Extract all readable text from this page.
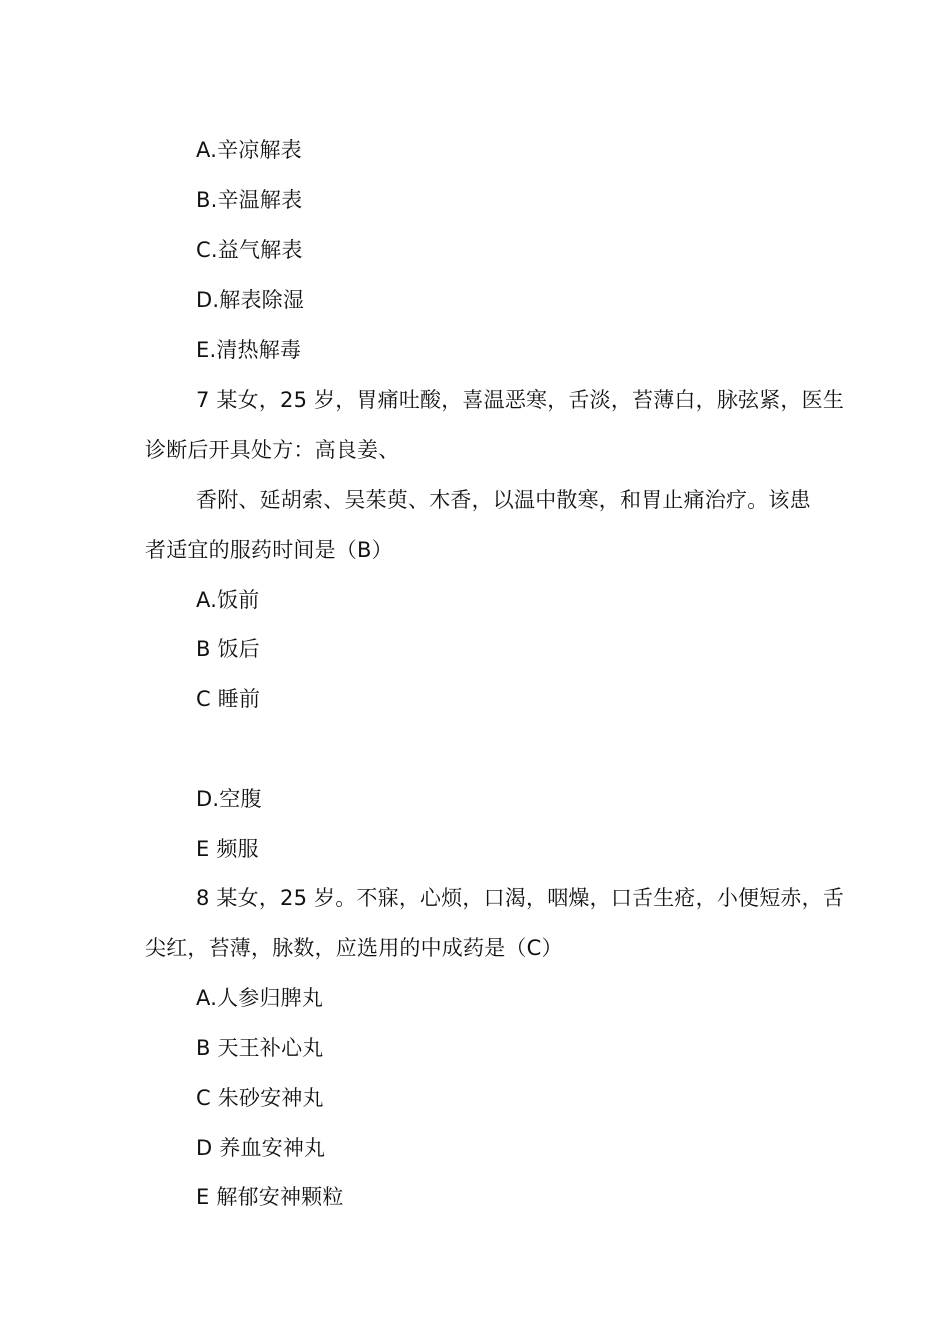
A.辛凉解表
B.辛温解表
C.益气解表
D.解表除湿
E.清热解毒
7 某女，25 岁，胃痛吐酸，喜温恶寒，舌淡，苔薄白，脉弦紧，医生
诊断后开具处方：高良姜、
香附、延胡索、吴茱萸、木香，以温中散寒，和胃止痛治疗。该患
者适宜的服药时间是（B）
A.饭前
B 饭后
C 睡前
D.空腹
E 频服
8 某女，25 岁。不寐，心烦，口渴，咽燥，口舌生疮，小便短赤，舌
尖红，苔薄，脉数，应选用的中成药是（C）
A.人参归脾丸
B 天王补心丸
C 朱砂安神丸
D 养血安神丸
E 解郁安神颗粒
